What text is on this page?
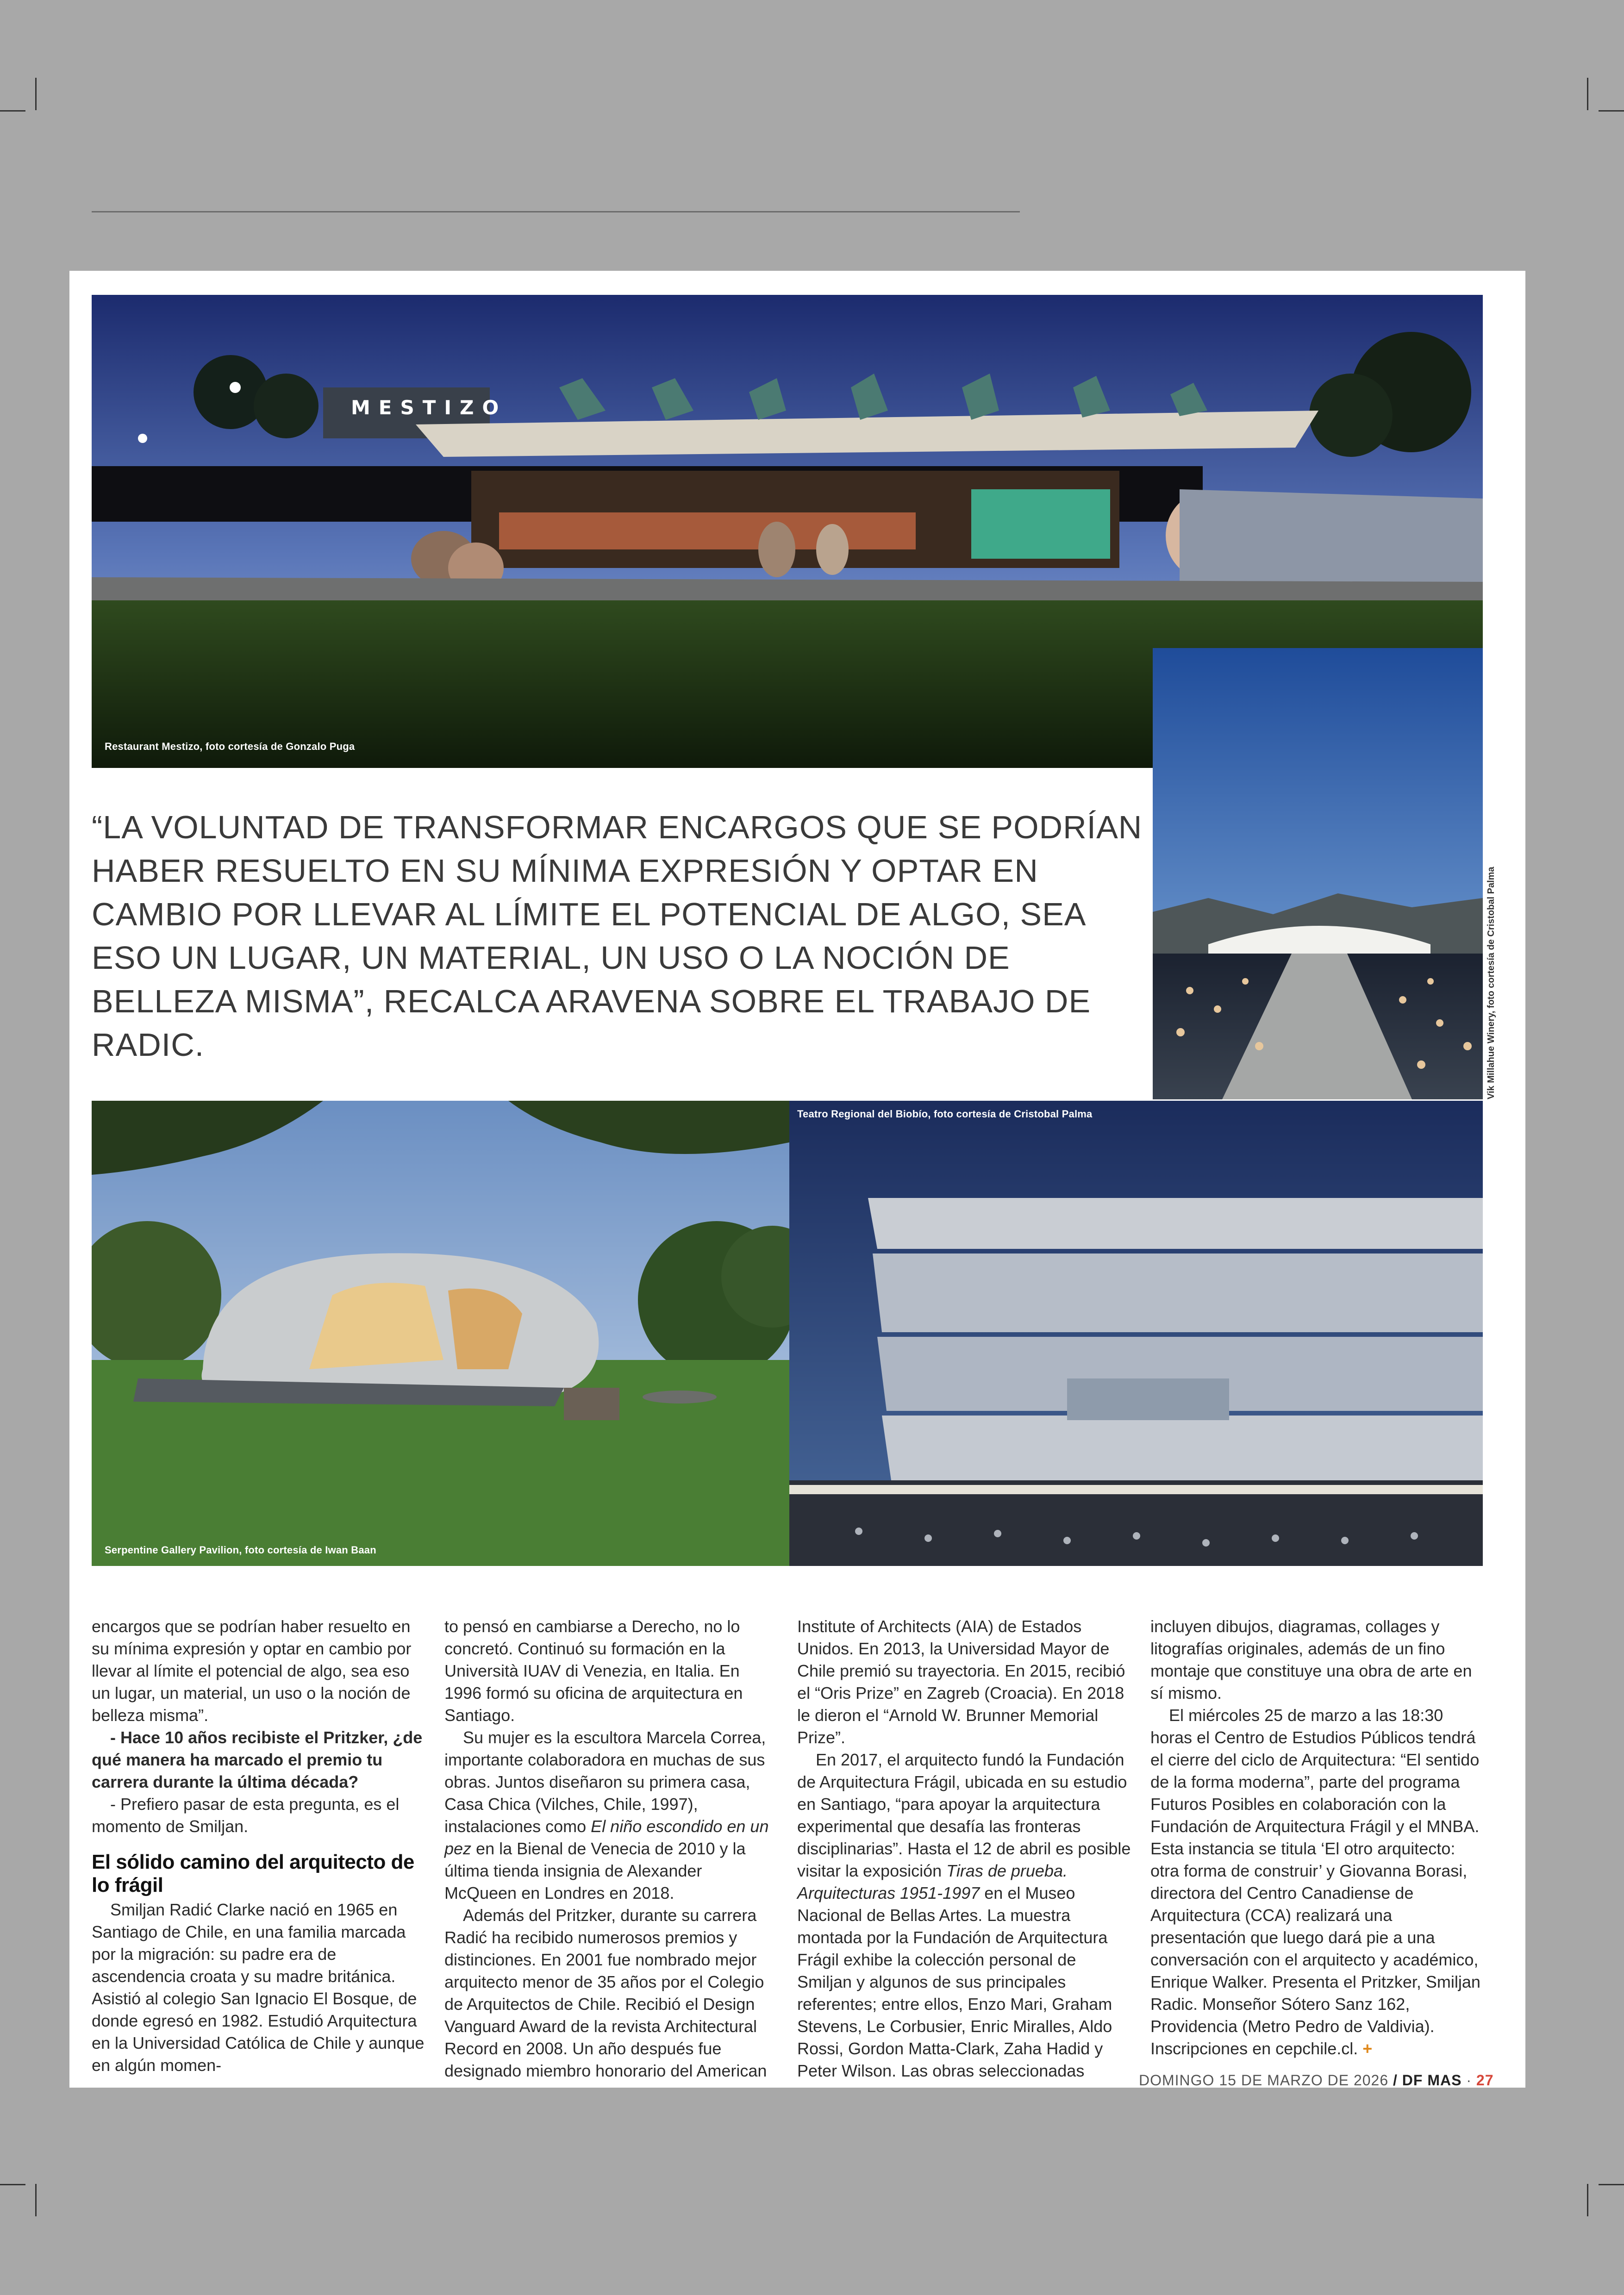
MESTIZO
Restaurant Mestizo, foto cortesía de Gonzalo Puga
Vik Millahue Winery, foto cortesía de Cristobal Palma
“LA VOLUNTAD DE TRANSFORMAR ENCARGOS QUE SE PODRÍAN HABER RESUELTO EN SU MÍNIMA EXPRESIÓN Y OPTAR EN CAMBIO POR LLEVAR AL LÍMITE EL POTENCIAL DE ALGO, SEA ESO UN LUGAR, UN MATERIAL, UN USO O LA NOCIÓN DE BELLEZA MISMA”, RECALCA ARAVENA SOBRE EL TRABAJO DE RADIC.
Serpentine Gallery Pavilion, foto cortesía de Iwan Baan
Teatro Regional del Biobío, foto cortesía de Cristobal Palma

encargos que se podrían haber resuelto en su mínima expresión y optar en cambio por llevar al límite el potencial de algo, sea eso un lugar, un material, un uso o la noción de belleza misma”.

- Hace 10 años recibiste el Pritzker, ¿de qué manera ha marcado el premio tu carrera durante la última década?

- Prefiero pasar de esta pregunta, es el momento de Smiljan.

El sólido camino del arquitecto de lo frágil

Smiljan Radić Clarke nació en 1965 en Santiago de Chile, en una familia marcada por la migración: su padre era de ascendencia croata y su madre británica. Asistió al colegio San Ignacio El Bosque, de donde egresó en 1982. Estudió Arquitectura en la Universidad Católica de Chile y aunque en algún momen-

to pensó en cambiarse a Derecho, no lo concretó. Continuó su formación en la Università IUAV di Venezia, en Italia. En 1996 formó su oficina de arquitectura en Santiago.

Su mujer es la escultora Marcela Correa, importante colaboradora en muchas de sus obras. Juntos diseñaron su primera casa, Casa Chica (Vilches, Chile, 1997), instalaciones como El niño escondido en un pez en la Bienal de Venecia de 2010 y la última tienda insignia de Alexander McQueen en Londres en 2018.

Además del Pritzker, durante su carrera Radić ha recibido numerosos premios y distinciones. En 2001 fue nombrado mejor arquitecto menor de 35 años por el Colegio de Arquitectos de Chile. Recibió el Design Vanguard Award de la revista Architectural Record en 2008. Un año después fue designado miembro honorario del American

Institute of Architects (AIA) de Estados Unidos. En 2013, la Universidad Mayor de Chile premió su trayectoria. En 2015, recibió el “Oris Prize” en Zagreb (Croacia). En 2018 le dieron el “Arnold W. Brunner Memorial Prize”.

En 2017, el arquitecto fundó la Fundación de Arquitectura Frágil, ubicada en su estudio en Santiago, “para apoyar la arquitectura experimental que desafía las fronteras disciplinarias”. Hasta el 12 de abril es posible visitar la exposición Tiras de prueba. Arquitecturas 1951-1997 en el Museo Nacional de Bellas Artes. La muestra montada por la Fundación de Arquitectura Frágil exhibe la colección personal de Smiljan y algunos de sus principales referentes; entre ellos, Enzo Mari, Graham Stevens, Le Corbusier, Enric Miralles, Aldo Rossi, Gordon Matta-Clark, Zaha Hadid y Peter Wilson. Las obras seleccionadas

incluyen dibujos, diagramas, collages y litografías originales, además de un fino montaje que constituye una obra de arte en sí mismo.

El miércoles 25 de marzo a las 18:30 horas el Centro de Estudios Públicos tendrá el cierre del ciclo de Arquitectura: “El sentido de la forma moderna”, parte del programa Futuros Posibles en colaboración con la Fundación de Arquitectura Frágil y el MNBA. Esta instancia se titula ‘El otro arquitecto: otra forma de construir’ y Giovanna Borasi, directora del Centro Canadiense de Arquitectura (CCA) realizará una presentación que luego dará pie a una conversación con el arquitecto y académico, Enrique Walker. Presenta el Pritzker, Smiljan Radic. Monseñor Sótero Sanz 162, Providencia (Metro Pedro de Valdivia). Inscripciones en cepchile.cl. +

DOMINGO 15 DE MARZO DE 2026 / DF MAS · 27
